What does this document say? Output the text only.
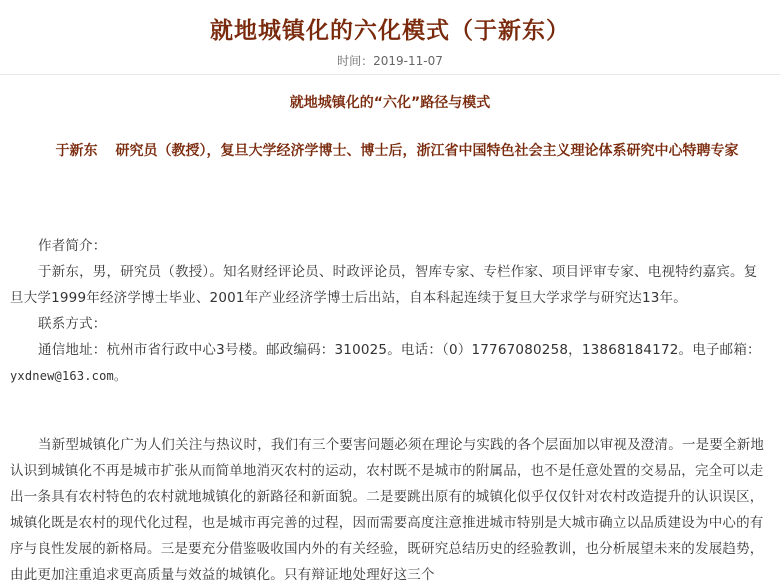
就地城镇化的六化模式（于新东）
时间：2019-11-07
就地城镇化的“六化”路径与模式
于新东 研究员（教授），复旦大学经济学博士、博士后，浙江省中国特色社会主义理论体系研究中心特聘专家

作者简介：

于新东，男，研究员（教授）。知名财经评论员、时政评论员，智库专家、专栏作家、项目评审专家、电视特约嘉宾。复旦大学1999年经济学博士毕业、2001年产业经济学博士后出站，自本科起连续于复旦大学求学与研究达13年。

联系方式：

通信地址：杭州市省行政中心3号楼。邮政编码：310025。电话：（0）17767080258，13868184172。电子邮箱：

yxdnew@163.com。

当新型城镇化广为人们关注与热议时，我们有三个要害问题必须在理论与实践的各个层面加以审视及澄清。一是要全新地认识到城镇化不再是城市扩张从而简单地消灭农村的运动，农村既不是城市的附属品，也不是任意处置的交易品，完全可以走出一条具有农村特色的农村就地城镇化的新路径和新面貌。二是要跳出原有的城镇化似乎仅仅针对农村改造提升的认识误区，城镇化既是农村的现代化过程，也是城市再完善的过程，因而需要高度注意推进城市特别是大城市确立以品质建设为中心的有序与良性发展的新格局。三是要充分借鉴吸收国内外的有关经验，既研究总结历史的经验教训，也分析展望未来的发展趋势，由此更加注重追求更高质量与效益的城镇化。只有辩证地处理好这三个
